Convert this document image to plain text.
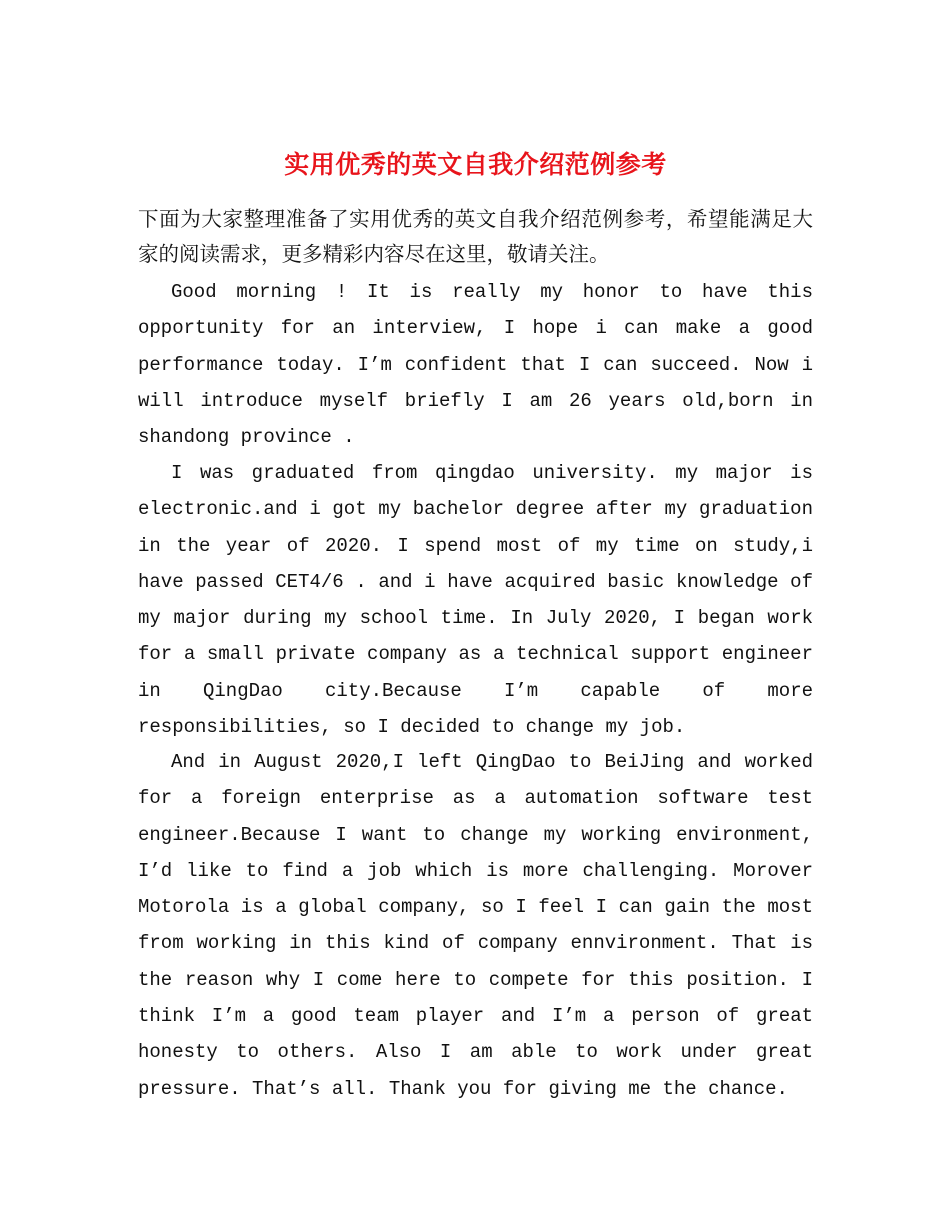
实用优秀的英文自我介绍范例参考

下面为大家整理准备了实用优秀的英文自我介绍范例参考，希望能满足大家的阅读需求，更多精彩内容尽在这里，敬请关注。

Good morning ! It is really my honor to have this opportunity for an interview, I hope i can make a good performance today. I’m confident that I can succeed. Now i will introduce myself briefly I am 26 years old,born in shandong province .

I was graduated from qingdao university. my major is electronic.and i got my bachelor degree after my graduation in the year of 2020. I spend most of my time on study,i have passed CET4/6 . and i have acquired basic knowledge of my major during my school time. In July 2020, I began work for a small private company as a technical support engineer in QingDao city.Because I’m capable of more responsibilities, so I decided to change my job.

And in August 2020,I left QingDao to BeiJing and worked for a foreign enterprise as a automation software test engineer.Because I want to change my working environment, I’d like to find a job which is more challenging. Morover Motorola is a global company, so I feel I can gain the most from working in this kind of company ennvironment. That is the reason why I come here to compete for this position. I think I’m a good team player and I’m a person of great honesty to others. Also I am able to work under great pressure. That’s all. Thank you for giving me the chance.
